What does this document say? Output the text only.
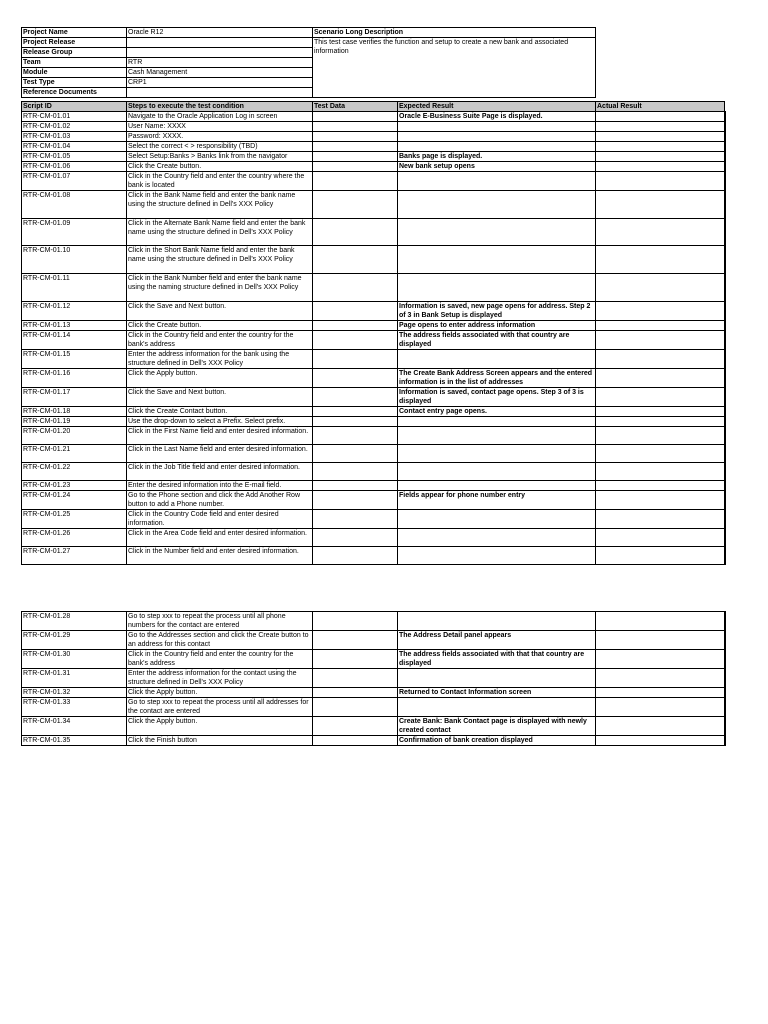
Project Name	Oracle R12	Scenario Long Description
Project Release		This test case verifies the function and setup to create a new bank and associated information
Release Group		
Team	RTR	
Module	Cash Management	
Test Type	CRP1	
Reference Documents		
Script ID	Steps to execute the test condition	Test Data	Expected Result	Actual Result
RTR-CM-01.01	Navigate to the Oracle Application Log in screen		Oracle E-Business Suite Page is displayed.	
RTR-CM-01.02	User Name: XXXX			
RTR-CM-01.03	Password: XXXX.			
RTR-CM-01.04	Select the correct < > responsibility (TBD)			
RTR-CM-01.05	Select Setup:Banks > Banks link from the navigator		Banks page is displayed.	
RTR-CM-01.06	Click the Create button.		New bank setup opens	
RTR-CM-01.07	Click in the Country field and enter the country where the bank is located			
RTR-CM-01.08	Click in the Bank Name field and enter the bank name using the structure defined in Dell's XXX Policy			
RTR-CM-01.09	Click in the Alternate Bank Name field and enter the bank name using the structure defined in Dell's XXX Policy			
RTR-CM-01.10	Click in the Short Bank Name field and enter the bank name using the structure defined in Dell's XXX Policy			
RTR-CM-01.11	Click in the Bank Number field and enter the bank name using the naming structure defined in Dell's XXX Policy			
RTR-CM-01.12	Click the Save and Next button.		Information is saved, new page opens for address. Step 2 of 3 in Bank Setup is displayed	
RTR-CM-01.13	Click the Create button.		Page opens to enter address information	
RTR-CM-01.14	Click in the Country field and enter the country for the bank's address		The address fields associated with that country are displayed	
RTR-CM-01.15	Enter the address information for the bank using the structure defined in Dell's XXX Policy			
RTR-CM-01.16	Click the Apply button.		The Create Bank Address Screen appears and the entered information is in the list of addresses	
RTR-CM-01.17	Click the Save and Next button.		Information is saved, contact page opens. Step 3 of 3 is displayed	
RTR-CM-01.18	Click the Create Contact button.		Contact entry page opens.	
RTR-CM-01.19	Use the drop-down to select a Prefix. Select prefix.			
RTR-CM-01.20	Click in the First Name field and enter desired information.			
RTR-CM-01.21	Click in the Last Name field and enter desired information.			
RTR-CM-01.22	Click in the Job Title field and enter desired information.			
RTR-CM-01.23	Enter the desired information into the E-mail field.			
RTR-CM-01.24	Go to the Phone section and click the Add Another Row button to add a Phone number.		Fields appear for phone number entry	
RTR-CM-01.25	Click in the Country Code field and enter desired information.			
RTR-CM-01.26	Click in the Area Code field and enter desired information.			
RTR-CM-01.27	Click in the Number field and enter desired information.			
RTR-CM-01.28	Go to step xxx to repeat the process until all phone numbers for the contact are entered			
RTR-CM-01.29	Go to the Addresses section and click the Create button to an address for this contact		The Address Detail panel appears	
RTR-CM-01.30	Click in the Country field and enter the country for the bank's address		The address fields associated with that that country are displayed	
RTR-CM-01.31	Enter the address information for the contact using the structure defined in Dell's XXX Policy			
RTR-CM-01.32	Click the Apply button.		Returned to Contact Information screen	
RTR-CM-01.33	Go to step xxx to repeat the process until all addresses for the contact are entered			
RTR-CM-01.34	Click the Apply button.		Create Bank: Bank Contact page is displayed with newly created contact	
RTR-CM-01.35	Click the Finish button		Confirmation of bank creation displayed	
